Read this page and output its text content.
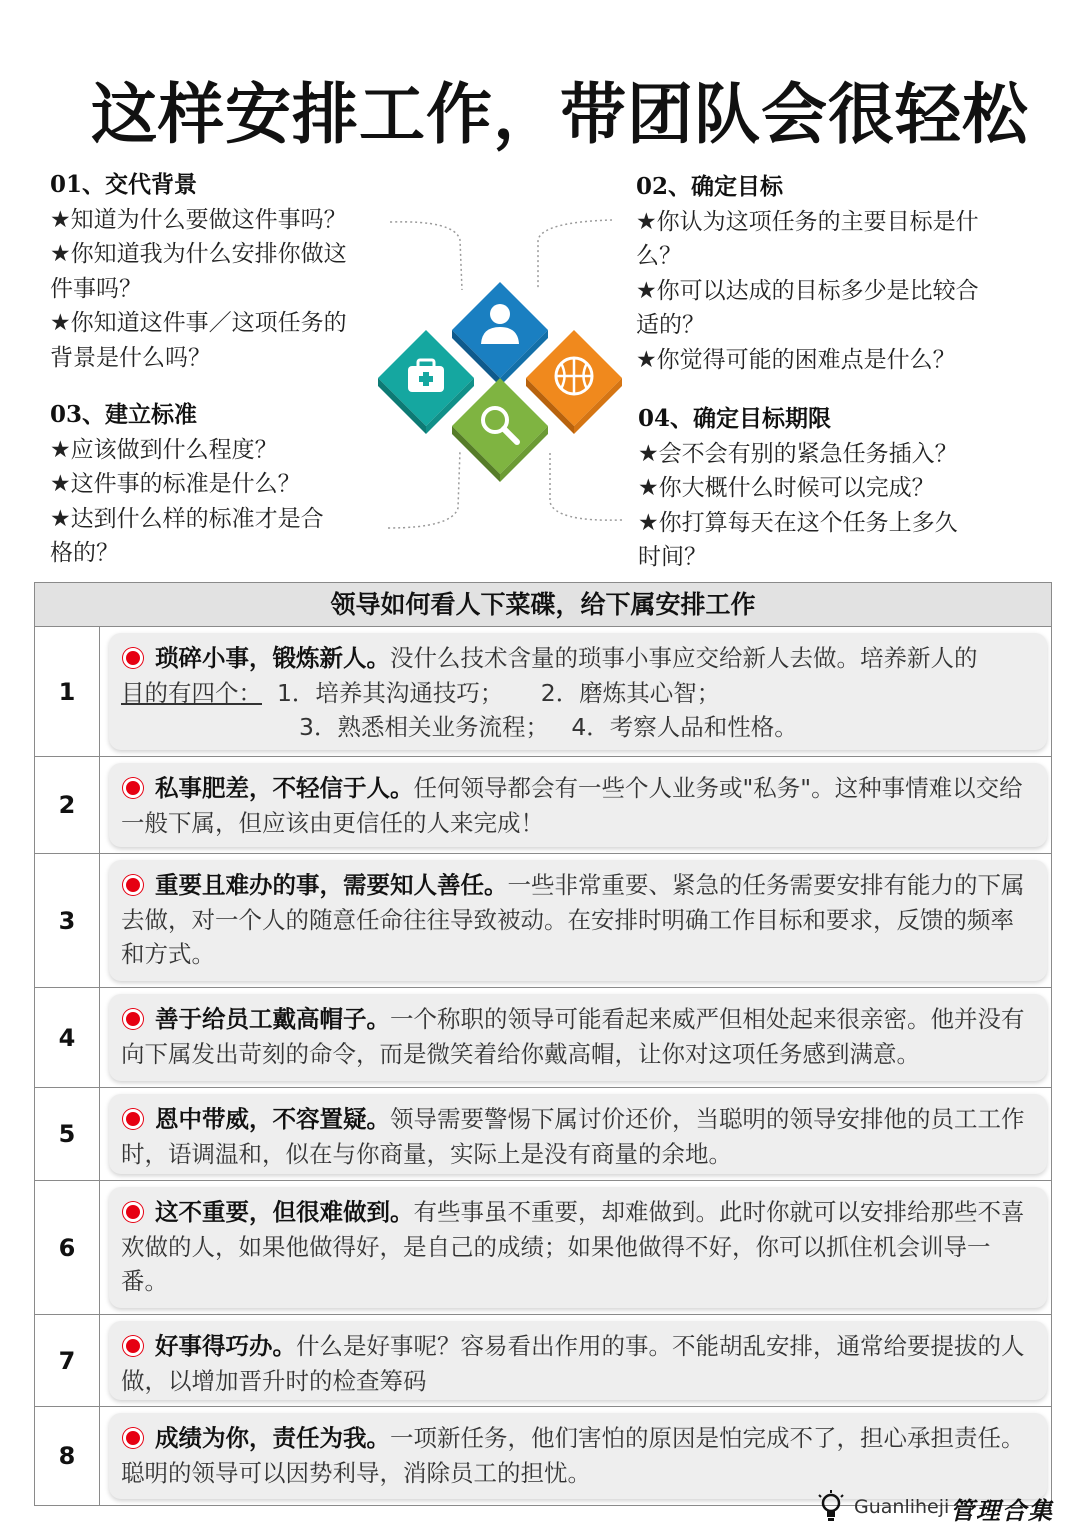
这样安排工作，带团队会很轻松
01、交代背景
★知道为什么要做这件事吗？
★你知道我为什么安排你做这
件事吗？
★你知道这件事／这项任务的
背景是什么吗？
02、确定目标
★你认为这项任务的主要目标是什
么？
★你可以达成的目标多少是比较合
适的？
★你觉得可能的困难点是什么？
03、建立标准
★应该做到什么程度？
★这件事的标准是什么？
★达到什么样的标准才是合
格的？
04、确定目标期限
★会不会有别的紧急任务插入？
★你大概什么时候可以完成？
★你打算每天在这个任务上多久
时间？
领导如何看人下菜碟，给下属安排工作
1
琐碎小事，锻炼新人。没什么技术含量的琐事小事应交给新人去做。培养新人的
目的有四个：  1．培养其沟通技巧；     2．磨炼其心智；
3．熟悉相关业务流程；   4．考察人品和性格。
2
私事肥差，不轻信于人。任何领导都会有一些个人业务或"私务"。这种事情难以交给一般下属，但应该由更信任的人来完成！
3
重要且难办的事，需要知人善任。一些非常重要、紧急的任务需要安排有能力的下属去做，对一个人的随意任命往往导致被动。在安排时明确工作目标和要求，反馈的频率和方式。
4
善于给员工戴高帽子。一个称职的领导可能看起来威严但相处起来很亲密。他并没有向下属发出苛刻的命令，而是微笑着给你戴高帽，让你对这项任务感到满意。
5
恩中带威，不容置疑。领导需要警惕下属讨价还价，当聪明的领导安排他的员工工作时，语调温和，似在与你商量，实际上是没有商量的余地。
6
这不重要，但很难做到。有些事虽不重要，却难做到。此时你就可以安排给那些不喜欢做的人，如果他做得好，是自己的成绩；如果他做得不好，你可以抓住机会训导一番。
7
好事得巧办。什么是好事呢？容易看出作用的事。不能胡乱安排，通常给要提拔的人做，以增加晋升时的检查筹码
8
成绩为你，责任为我。一项新任务，他们害怕的原因是怕完成不了，担心承担责任。聪明的领导可以因势利导，消除员工的担忧。
Guanliheji 管理合集
